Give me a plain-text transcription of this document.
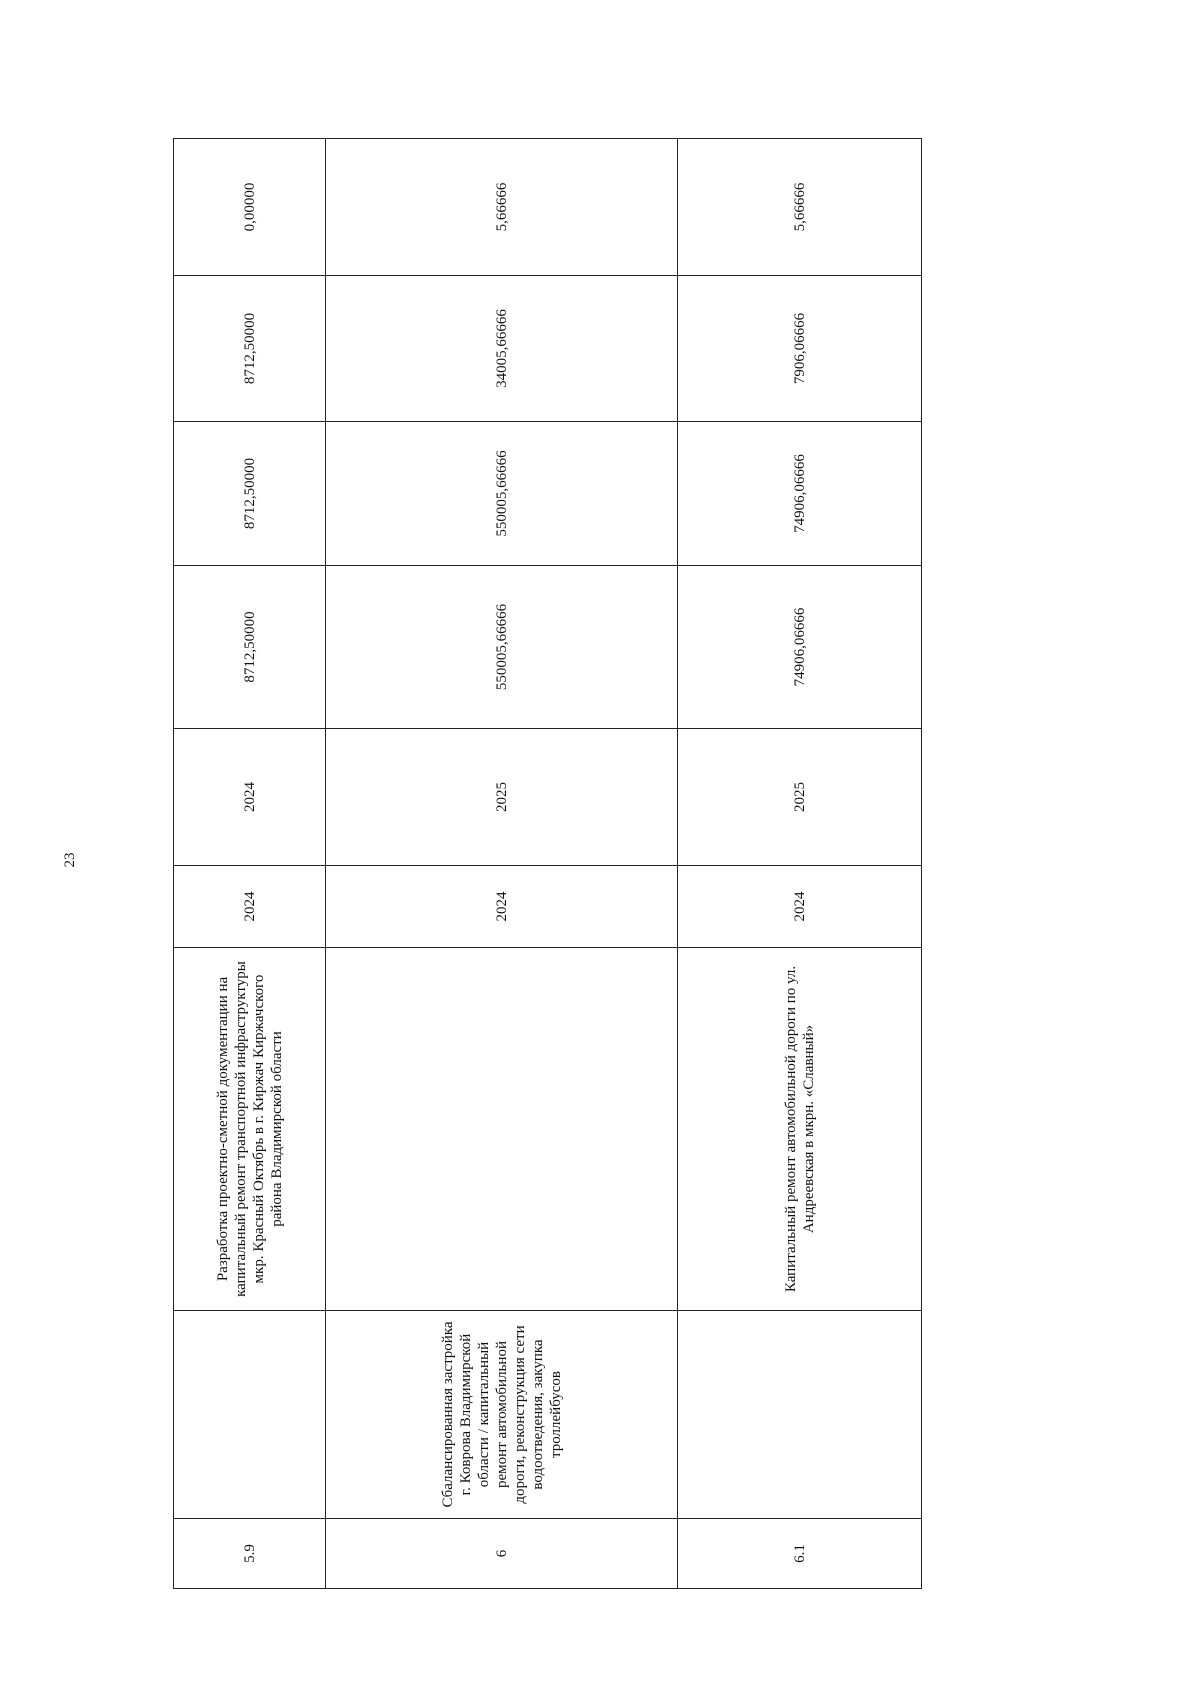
23
5.9		Разработка проектно-сметной документации на капитальный ремонт транспортной инфраструктуры мкр. Красный Октябрь в г. Киржач Киржачского района Владимирской области	2024	2024	8712,50000	8712,50000	8712,50000	0,00000
6	Сбалансированная застройка г. Коврова Владимирской области / капитальный ремонт автомобильной дороги, реконструкция сети водоотведения, закупка троллейбусов		2024	2025	550005,66666	550005,66666	34005,66666	5,66666
6.1		Капитальный ремонт автомобильной дороги по ул. Андреевская в мкрн. «Славный»	2024	2025	74906,06666	74906,06666	7906,06666	5,66666
